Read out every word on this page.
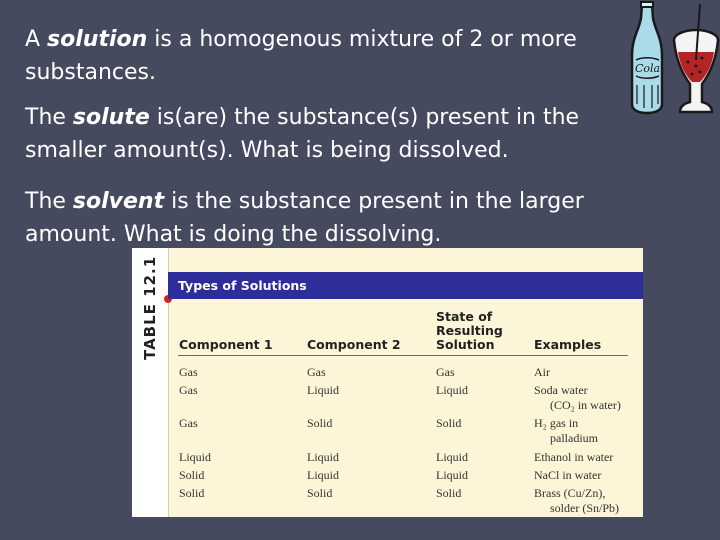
A solution is a homogenous mixture of 2 or more substances.

The solute is(are) the substance(s) present in the smaller amount(s). What is being dissolved.

The solvent is the substance present in the larger amount. What is doing the dissolving.

Cola
TABLE 12.1	Types of Solutions
Component 1	Component 2
State of
Resulting
Solution	Examples
Gas	Gas	Gas	Air
Gas	Liquid	Liquid	Soda water
(CO₂ in water)
Gas	Solid	Solid	H₂ gas in
palladium
Liquid	Liquid	Liquid	Ethanol in water
Solid	Liquid	Liquid	NaCl in water
Solid	Solid	Solid	Brass (Cu/Zn),
solder (Sn/Pb)
